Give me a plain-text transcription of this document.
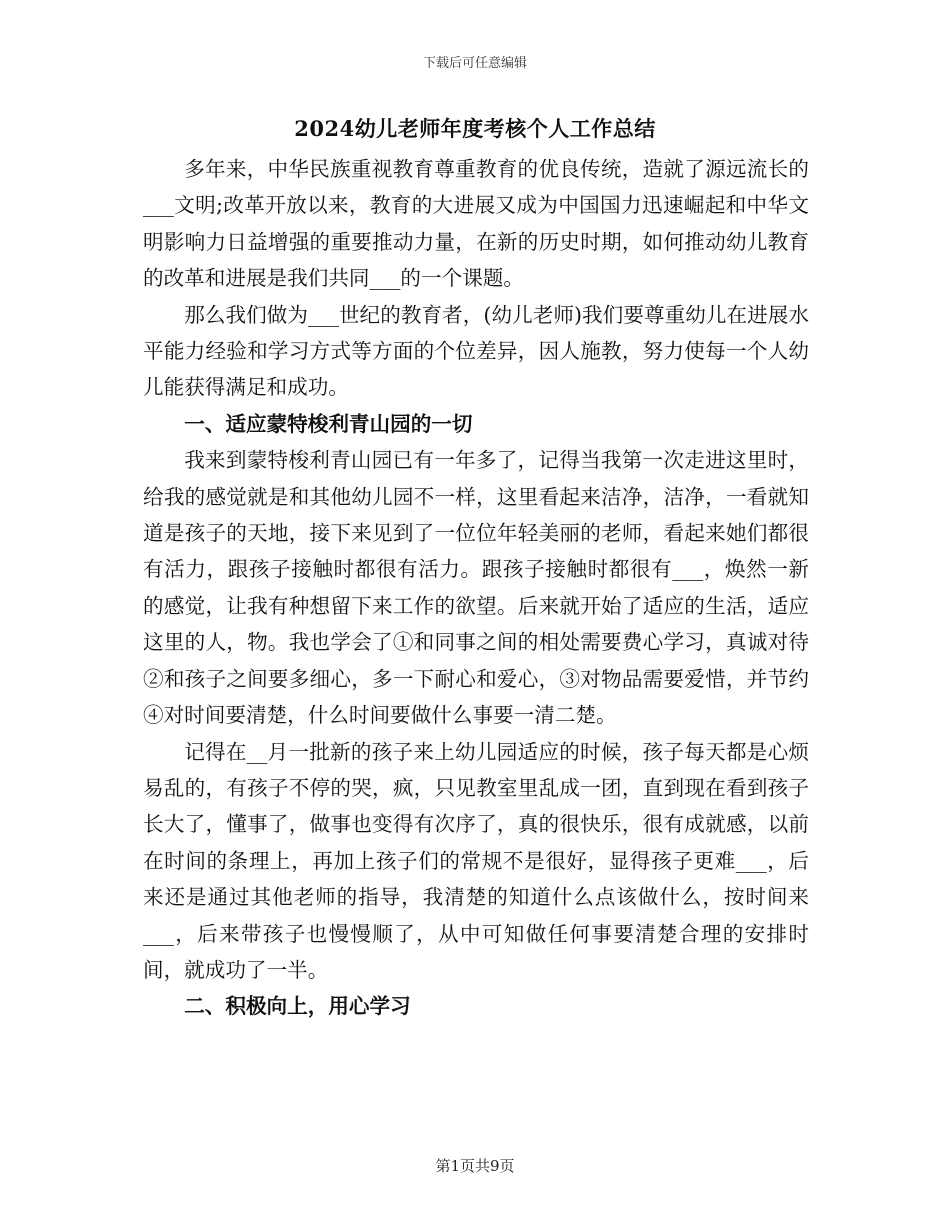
下载后可任意编辑
2024幼儿老师年度考核个人工作总结

多年来，中华民族重视教育尊重教育的优良传统，造就了源远流长的___文明;改革开放以来，教育的大进展又成为中国国力迅速崛起和中华文明影响力日益增强的重要推动力量，在新的历史时期，如何推动幼儿教育的改革和进展是我们共同___的一个课题。

那么我们做为___世纪的教育者，(幼儿老师)我们要尊重幼儿在进展水平能力经验和学习方式等方面的个位差异，因人施教，努力使每一个人幼儿能获得满足和成功。

一、适应蒙特梭利青山园的一切

我来到蒙特梭利青山园已有一年多了，记得当我第一次走进这里时，给我的感觉就是和其他幼儿园不一样，这里看起来洁净，洁净，一看就知道是孩子的天地，接下来见到了一位位年轻美丽的老师，看起来她们都很有活力，跟孩子接触时都很有活力。跟孩子接触时都很有___，焕然一新的感觉，让我有种想留下来工作的欲望。后来就开始了适应的生活，适应这里的人，物。我也学会了①和同事之间的相处需要费心学习，真诚对待②和孩子之间要多细心，多一下耐心和爱心，③对物品需要爱惜，并节约④对时间要清楚，什么时间要做什么事要一清二楚。

记得在__月一批新的孩子来上幼儿园适应的时候，孩子每天都是心烦易乱的，有孩子不停的哭，疯，只见教室里乱成一团，直到现在看到孩子长大了，懂事了，做事也变得有次序了，真的很快乐，很有成就感，以前在时间的条理上，再加上孩子们的常规不是很好，显得孩子更难___，后来还是通过其他老师的指导，我清楚的知道什么点该做什么，按时间来___，后来带孩子也慢慢顺了，从中可知做任何事要清楚合理的安排时间，就成功了一半。

二、积极向上，用心学习

第1页共9页
